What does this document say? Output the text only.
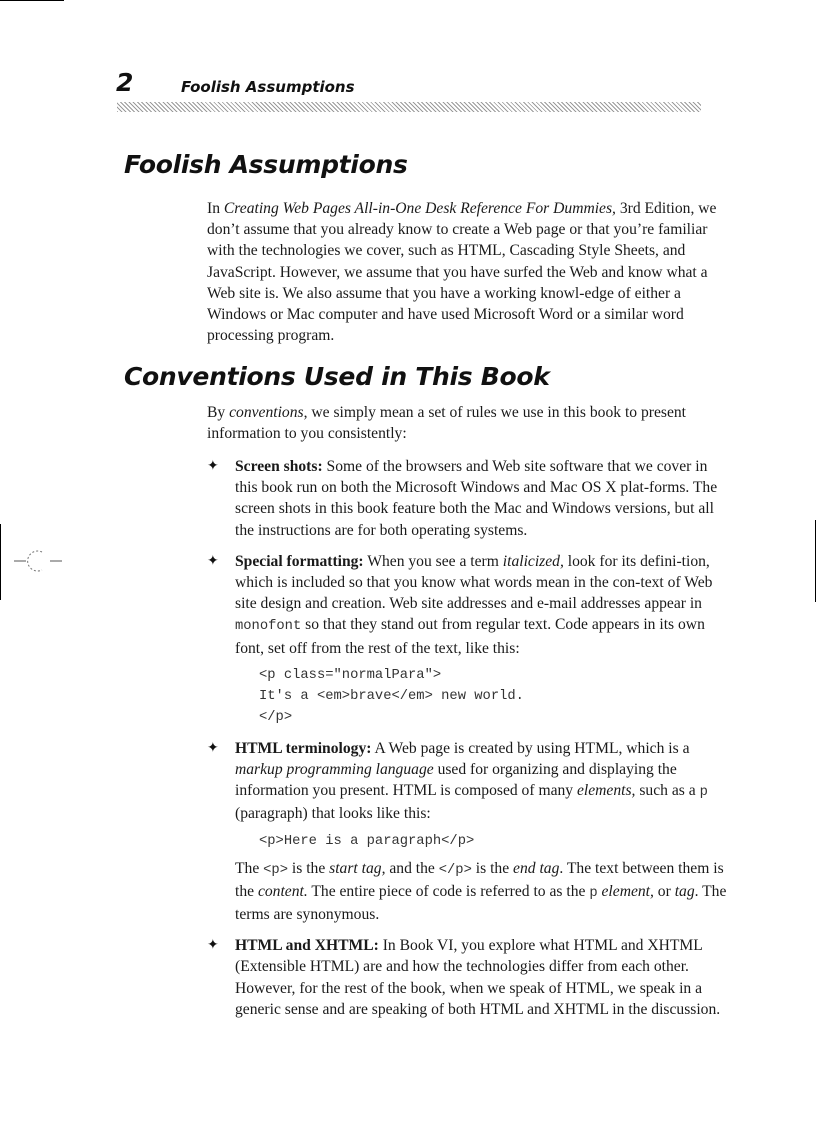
2	Foolish Assumptions
Foolish Assumptions

In Creating Web Pages All-in-One Desk Reference For Dummies, 3rd Edition, we don’t assume that you already know to create a Web page or that you’re familiar with the technologies we cover, such as HTML, Cascading Style Sheets, and JavaScript. However, we assume that you have surfed the Web and know what a Web site is. We also assume that you have a working knowl-edge of either a Windows or Mac computer and have used Microsoft Word or a similar word processing program.

Conventions Used in This Book

By conventions, we simply mean a set of rules we use in this book to present information to you consistently:

✦ Screen shots: Some of the browsers and Web site software that we cover in this book run on both the Microsoft Windows and Mac OS X plat-forms. The screen shots in this book feature both the Mac and Windows versions, but all the instructions are for both operating systems.
✦ Special formatting: When you see a term italicized, look for its defini-tion, which is included so that you know what words mean in the con-text of Web site design and creation. Web site addresses and e-mail addresses appear in monofont so that they stand out from regular text. Code appears in its own font, set off from the rest of the text, like this:
<p class="normalPara">
It's a <em>brave</em> new world.
</p>
✦ HTML terminology: A Web page is created by using HTML, which is a markup programming language used for organizing and displaying the information you present. HTML is composed of many elements, such as a p (paragraph) that looks like this:
<p>Here is a paragraph</p>
The <p> is the start tag, and the </p> is the end tag. The text between them is the content. The entire piece of code is referred to as the p element, or tag. The terms are synonymous.
✦ HTML and XHTML: In Book VI, you explore what HTML and XHTML (Extensible HTML) are and how the technologies differ from each other. However, for the rest of the book, when we speak of HTML, we speak in a generic sense and are speaking of both HTML and XHTML in the discussion.
